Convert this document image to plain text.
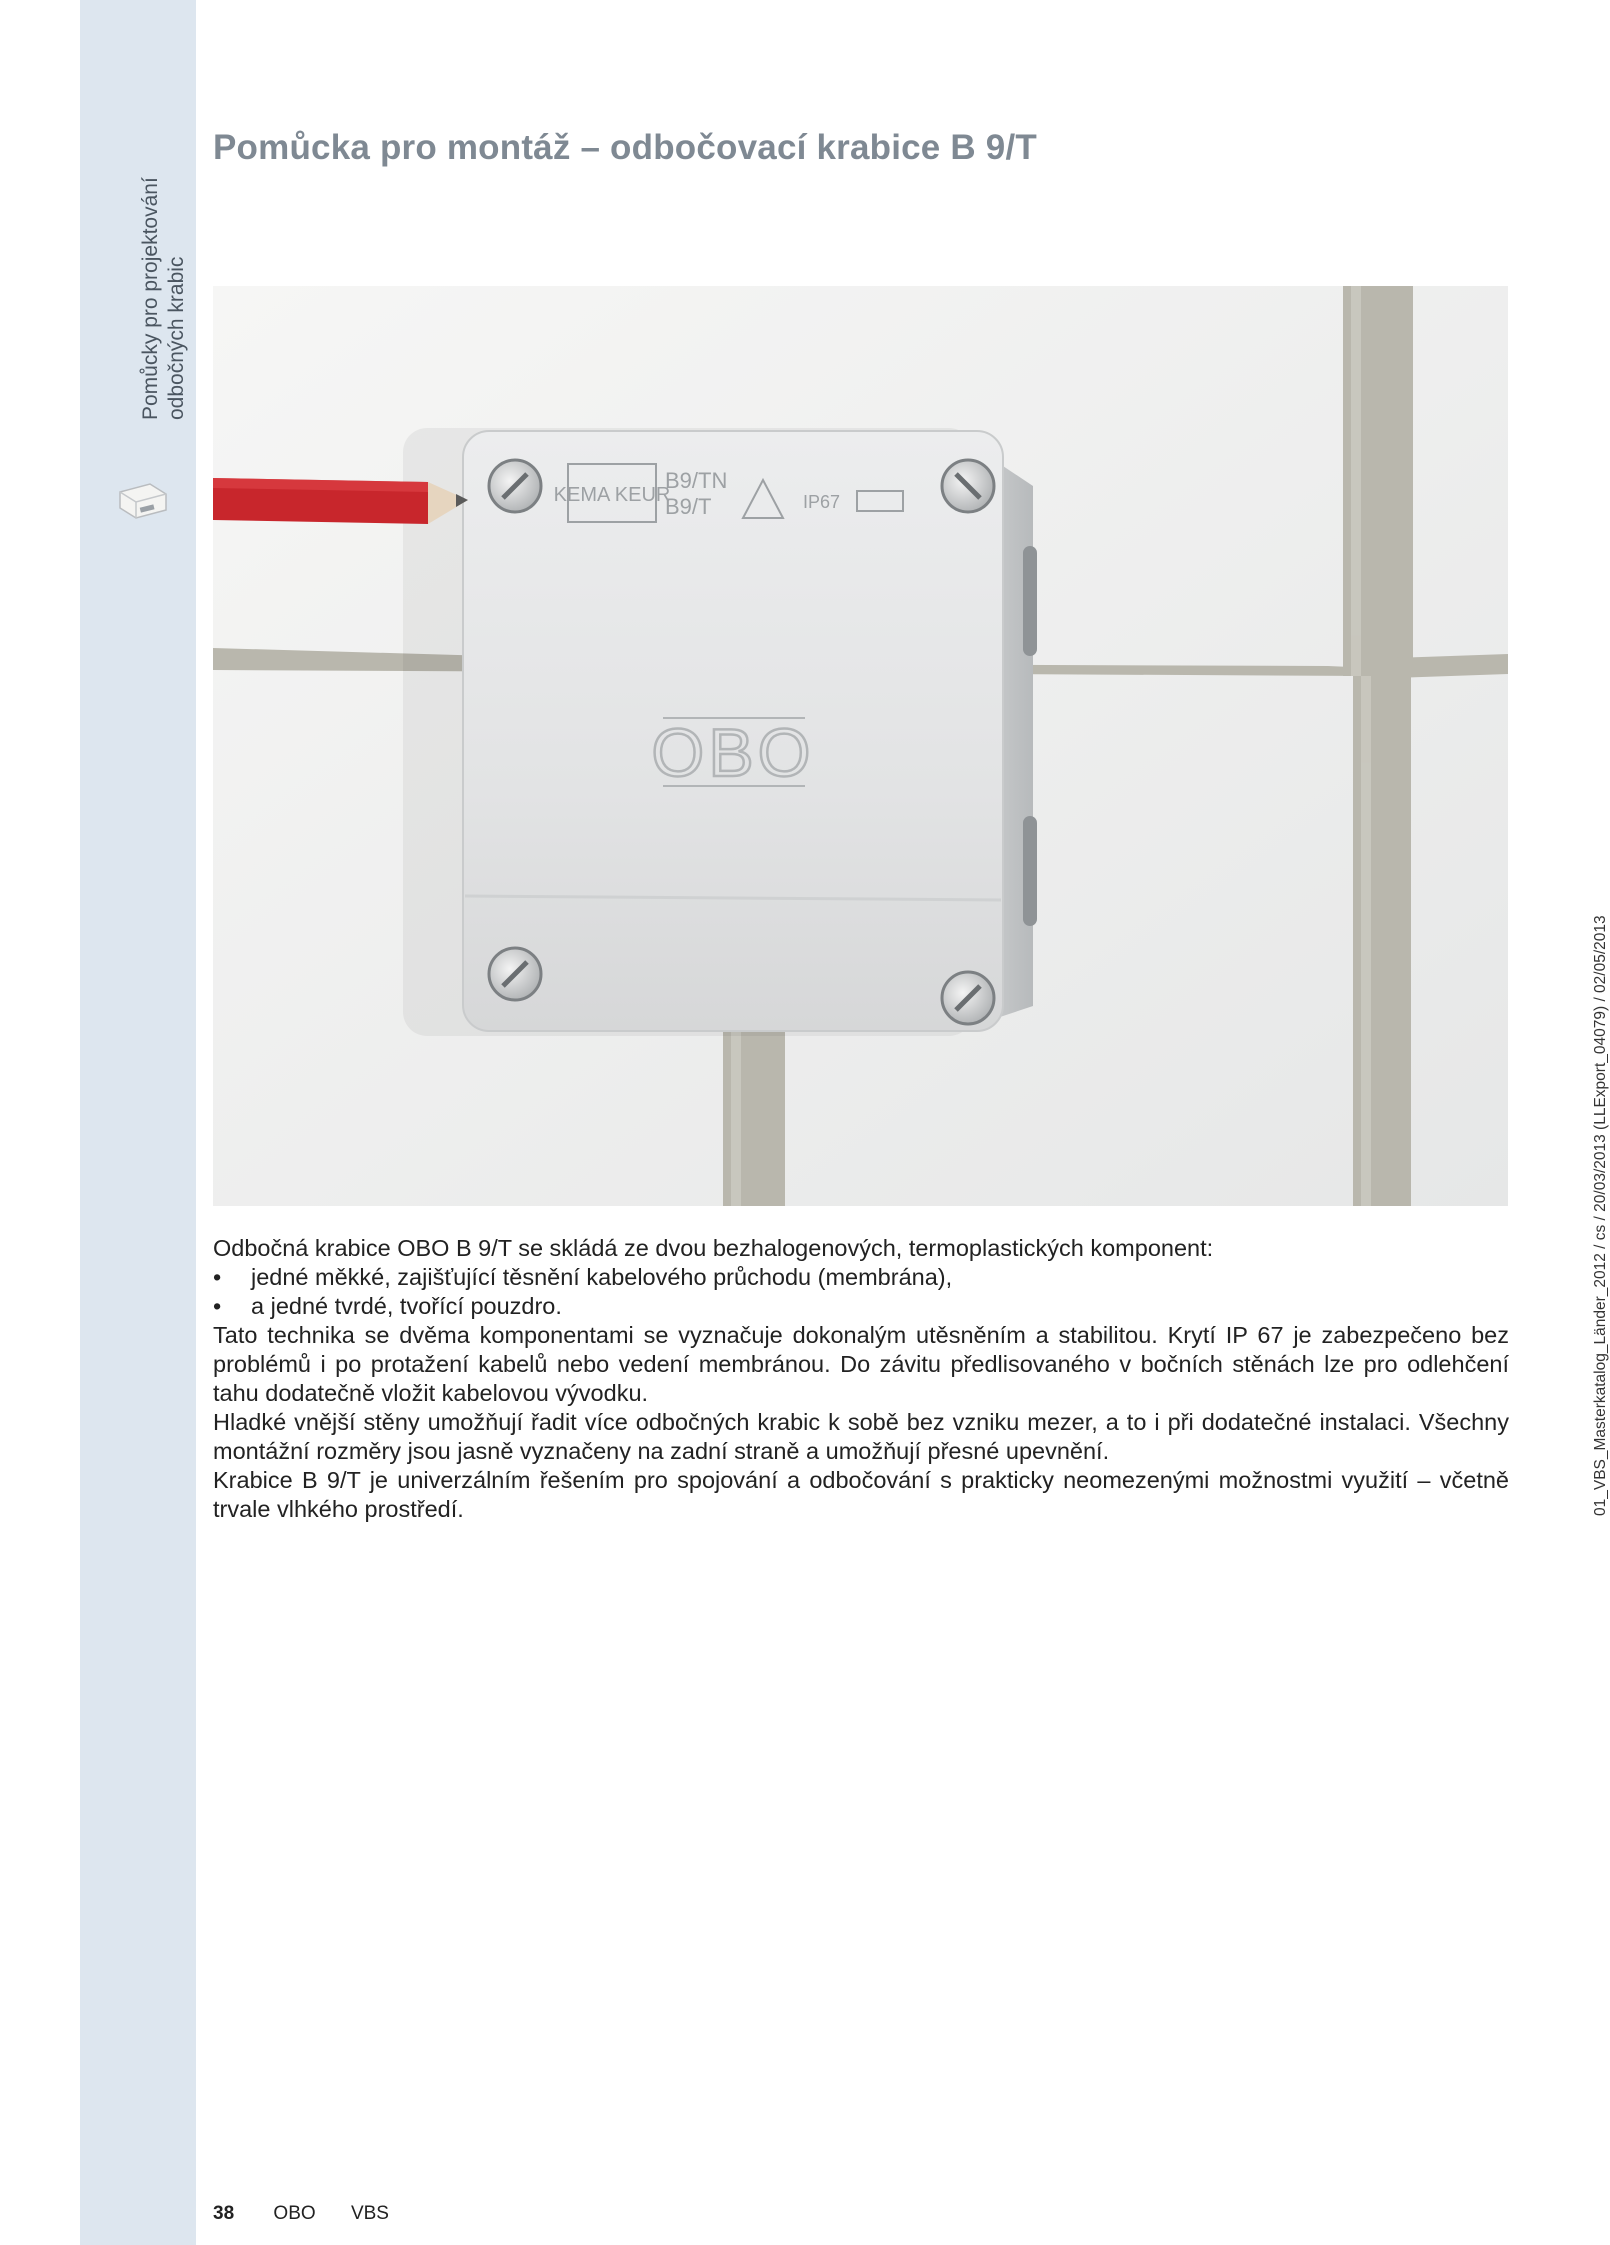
Pomůcky pro projektování odbočných krabic
Pomůcka pro montáž – odbočovací krabice B 9/T
KEMA KEUR
B9/TN
B9/T	IP67
OBO

Odbočná krabice OBO B 9/T se skládá ze dvou bezhalogenových, termoplastických komponent:

• jedné měkké, zajišťující těsnění kabelového průchodu (membrána),
• a jedné tvrdé, tvořící pouzdro.

Tato technika se dvěma komponentami se vyznačuje dokonalým utěsněním a stabilitou. Krytí IP 67 je zabezpečeno bez problémů i po protažení kabelů nebo vedení membránou. Do závitu předlisovaného v bočních stěnách lze pro odlehčení tahu dodatečně vložit kabelovou vývodku.

Hladké vnější stěny umožňují řadit více odbočných krabic k sobě bez vzniku mezer, a to i při dodatečné instalaci. Všechny montážní rozměry jsou jasně vyznačeny na zadní straně a umožňují přesné upevnění.

Krabice B 9/T je univerzálním řešením pro spojování a odbočování s prakticky neomezenými možnostmi využití – včetně trvale vlhkého prostředí.	01_VBS_Masterkatalog_Länder_2012 / cs / 20/03/2013 (LLExport_04079) / 02/05/2013
38 OBO VBS
